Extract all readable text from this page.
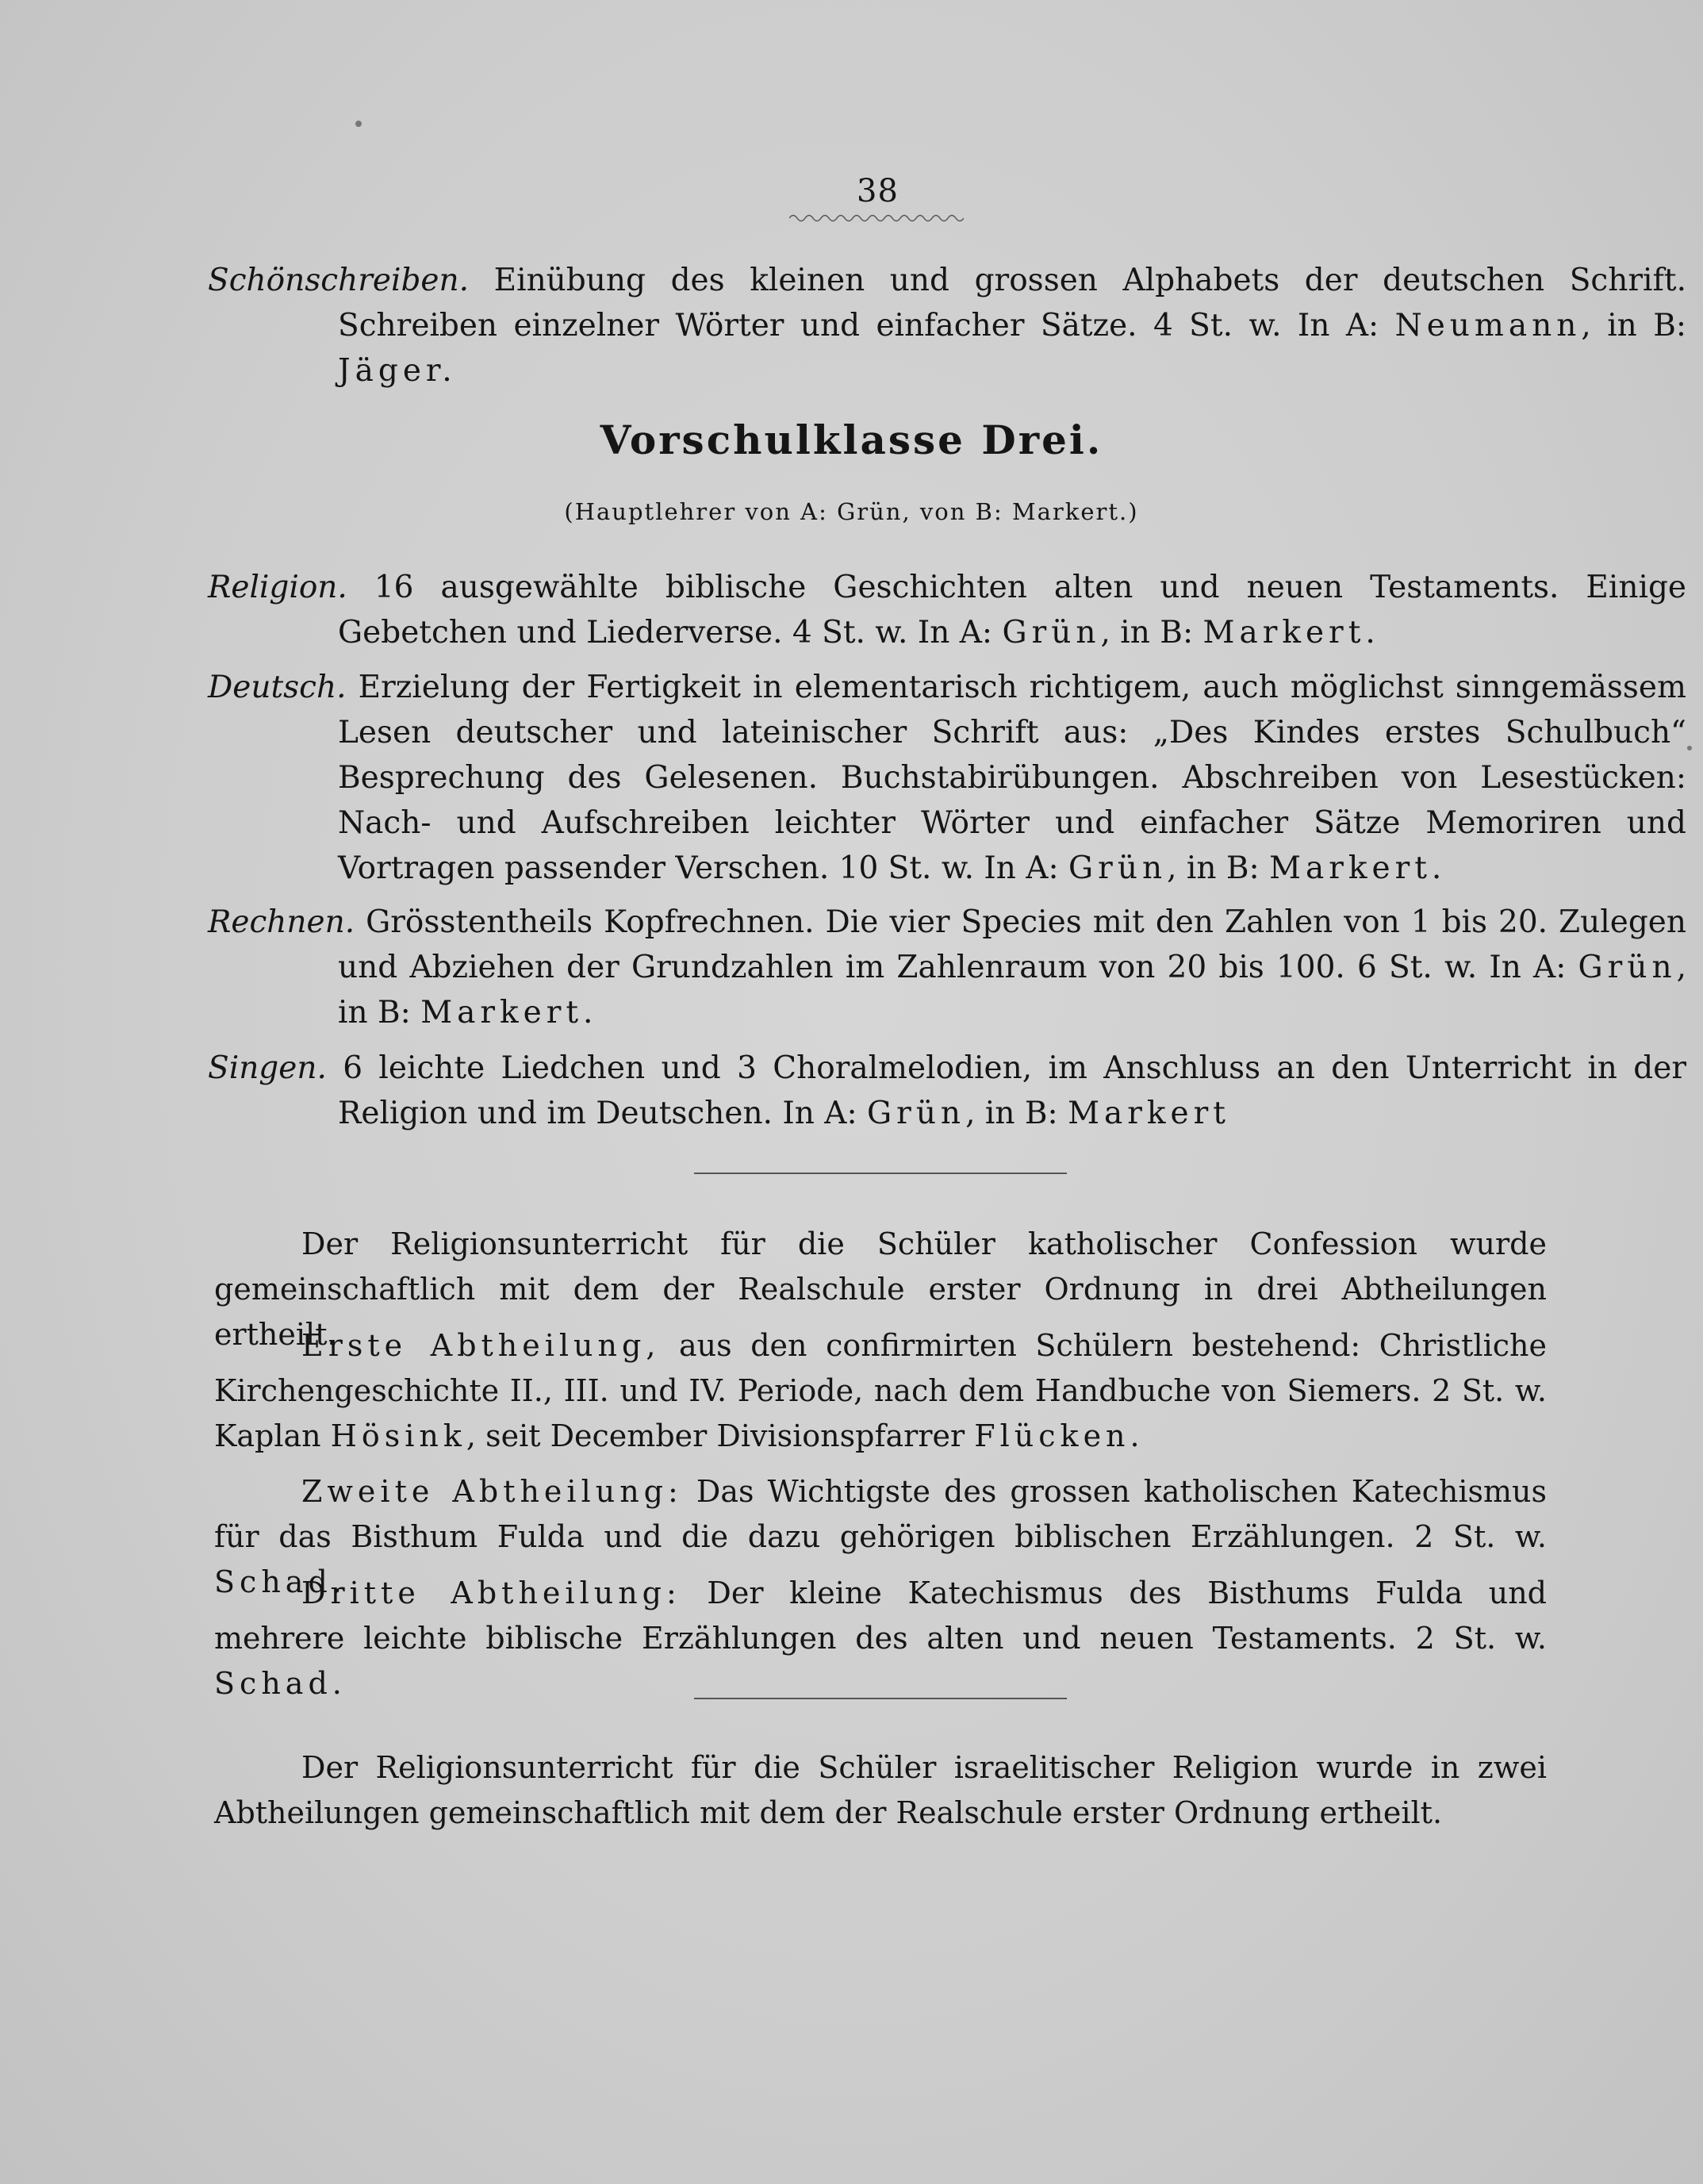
38
Schönschreiben. Einübung des kleinen und grossen Alphabets der deutschen Schrift. Schreiben einzelner Wörter und einfacher Sätze. 4 St. w. In A: Neumann, in B: Jäger.
Vorschulklasse Drei.
(Hauptlehrer von A: Grün, von B: Markert.)
Religion. 16 ausgewählte biblische Geschichten alten und neuen Testaments. Einige Gebetchen und Liederverse. 4 St. w. In A: Grün, in B: Markert.
Deutsch. Erzielung der Fertigkeit in elementarisch richtigem, auch möglichst sinngemässem Lesen deutscher und lateinischer Schrift aus: „Des Kindes erstes Schulbuch“ Besprechung des Gelesenen. Buchstabirübungen. Abschreiben von Lesestücken: Nach- und Aufschreiben leichter Wörter und einfacher Sätze Memoriren und Vortragen passender Verschen. 10 St. w. In A: Grün, in B: Markert.
Rechnen. Grösstentheils Kopfrechnen. Die vier Species mit den Zahlen von 1 bis 20. Zulegen und Abziehen der Grundzahlen im Zahlenraum von 20 bis 100. 6 St. w. In A: Grün, in B: Markert.
Singen. 6 leichte Liedchen und 3 Choralmelodien, im Anschluss an den Unterricht in der Religion und im Deutschen. In A: Grün, in B: Markert
Der Religionsunterricht für die Schüler katholischer Confession wurde gemeinschaftlich mit dem der Realschule erster Ordnung in drei Abtheilungen ertheilt.
Erste Abtheilung, aus den confirmirten Schülern bestehend: Christliche Kirchengeschichte II., III. und IV. Periode, nach dem Handbuche von Siemers. 2 St. w. Kaplan Hösink, seit December Divisionspfarrer Flücken.
Zweite Abtheilung: Das Wichtigste des grossen katholischen Katechismus für das Bisthum Fulda und die dazu gehörigen biblischen Erzählungen. 2 St. w. Schad.
Dritte Abtheilung: Der kleine Katechismus des Bisthums Fulda und mehrere leichte biblische Erzählungen des alten und neuen Testaments. 2 St. w. Schad.
Der Religionsunterricht für die Schüler israelitischer Religion wurde in zwei Abtheilungen gemeinschaftlich mit dem der Realschule erster Ordnung ertheilt.
